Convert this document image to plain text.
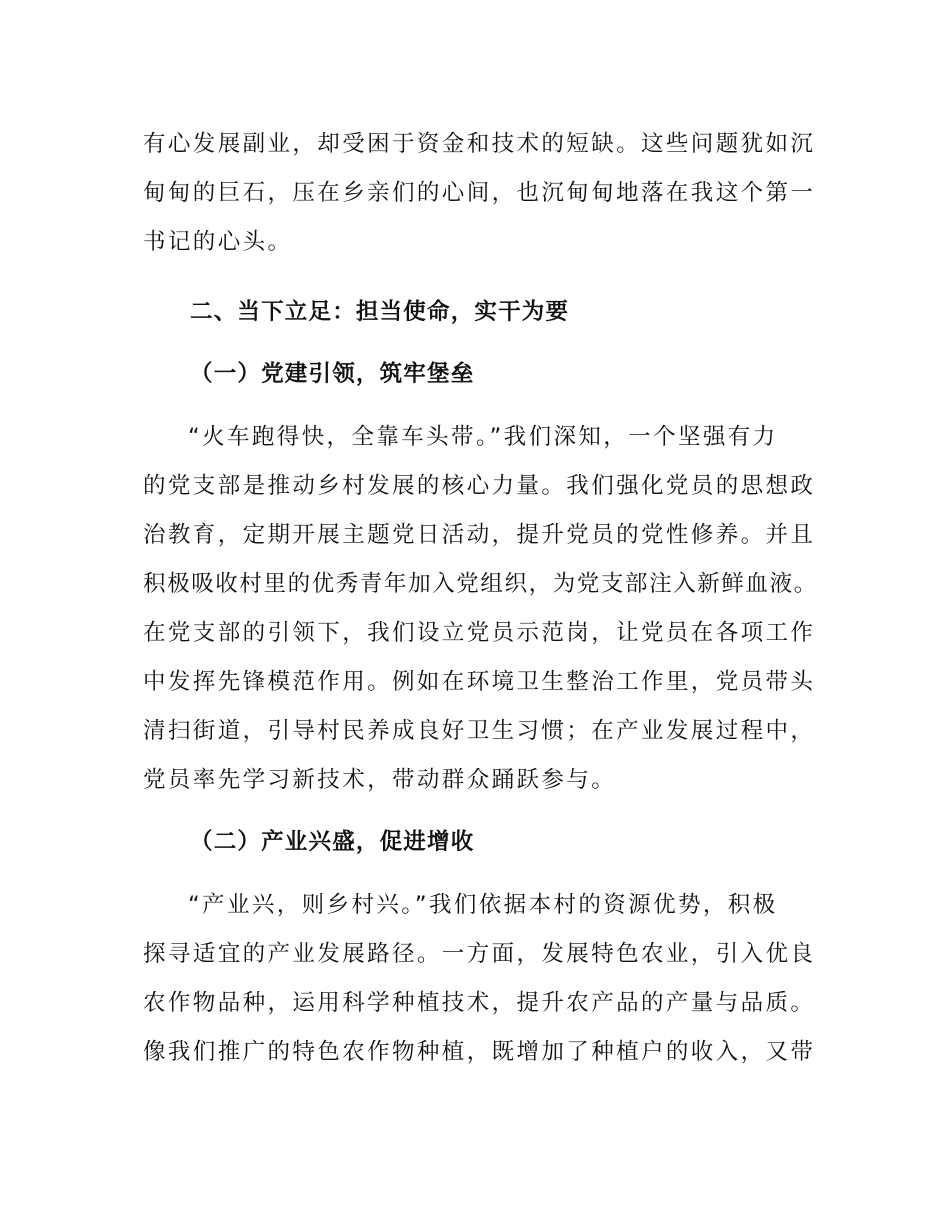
有心发展副业，却受困于资金和技术的短缺。这些问题犹如沉
甸甸的巨石，压在乡亲们的心间，也沉甸甸地落在我这个第一
书记的心头。
二、当下立足：担当使命，实干为要
（一）党建引领，筑牢堡垒
“火车跑得快，全靠车头带。”我们深知，一个坚强有力
的党支部是推动乡村发展的核心力量。我们强化党员的思想政
治教育，定期开展主题党日活动，提升党员的党性修养。并且
积极吸收村里的优秀青年加入党组织，为党支部注入新鲜血液。
在党支部的引领下，我们设立党员示范岗，让党员在各项工作
中发挥先锋模范作用。例如在环境卫生整治工作里，党员带头
清扫街道，引导村民养成良好卫生习惯；在产业发展过程中，
党员率先学习新技术，带动群众踊跃参与。
（二）产业兴盛，促进增收
“产业兴，则乡村兴。”我们依据本村的资源优势，积极
探寻适宜的产业发展路径。一方面，发展特色农业，引入优良
农作物品种，运用科学种植技术，提升农产品的产量与品质。
像我们推广的特色农作物种植，既增加了种植户的收入，又带
